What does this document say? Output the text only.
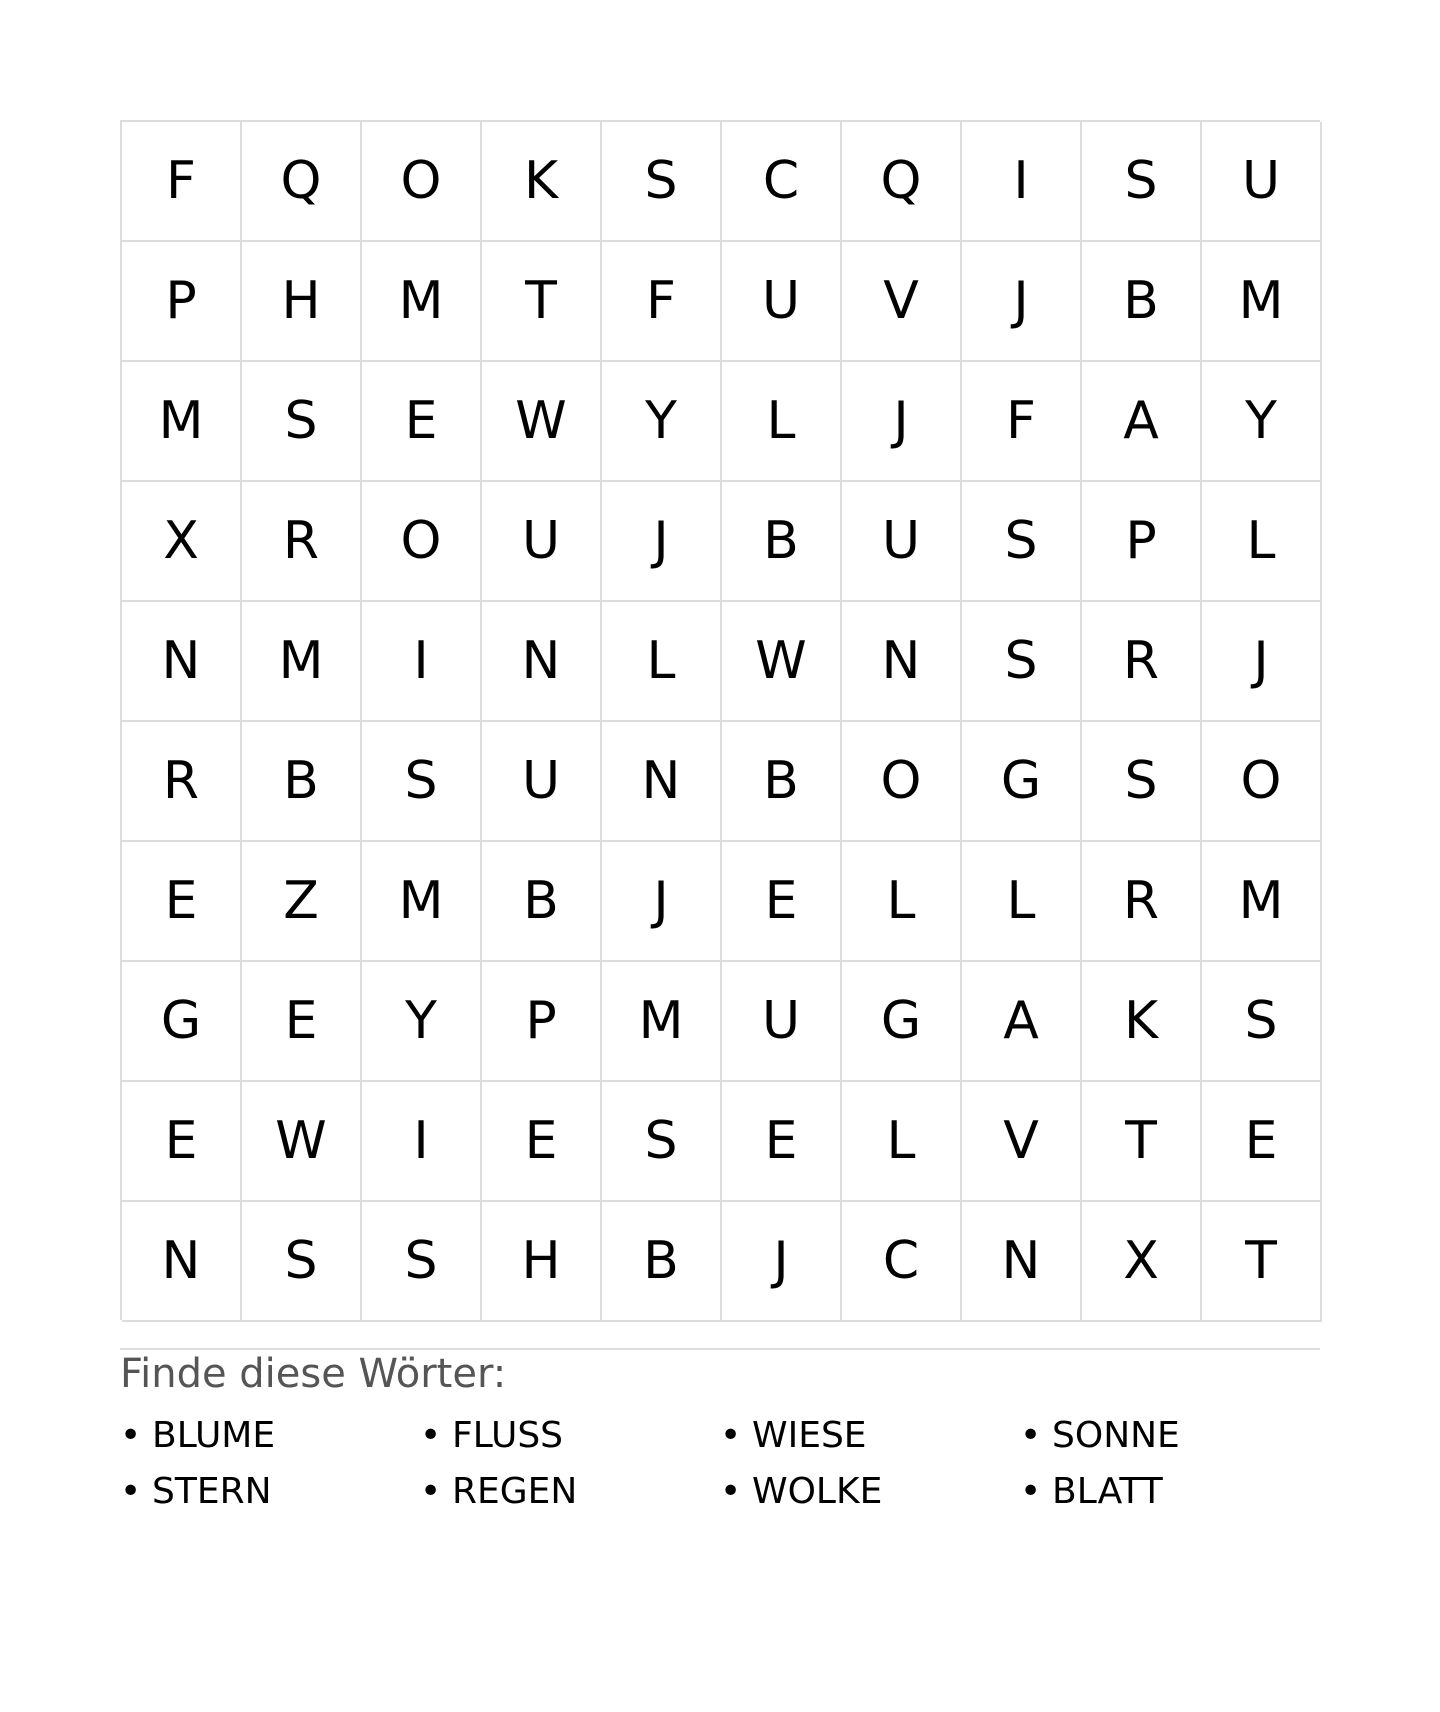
F	Q	O	K	S	C	Q	I	S	U
P	H	M	T	F	U	V	J	B	M
M	S	E	W	Y	L	J	F	A	Y
X	R	O	U	J	B	U	S	P	L
N	M	I	N	L	W	N	S	R	J
R	B	S	U	N	B	O	G	S	O
E	Z	M	B	J	E	L	L	R	M
G	E	Y	P	M	U	G	A	K	S
E	W	I	E	S	E	L	V	T	E
N	S	S	H	B	J	C	N	X	T
Finde diese Wörter:
• BLUME	• FLUSS	• WIESE	• SONNE
• STERN	• REGEN	• WOLKE	• BLATT
